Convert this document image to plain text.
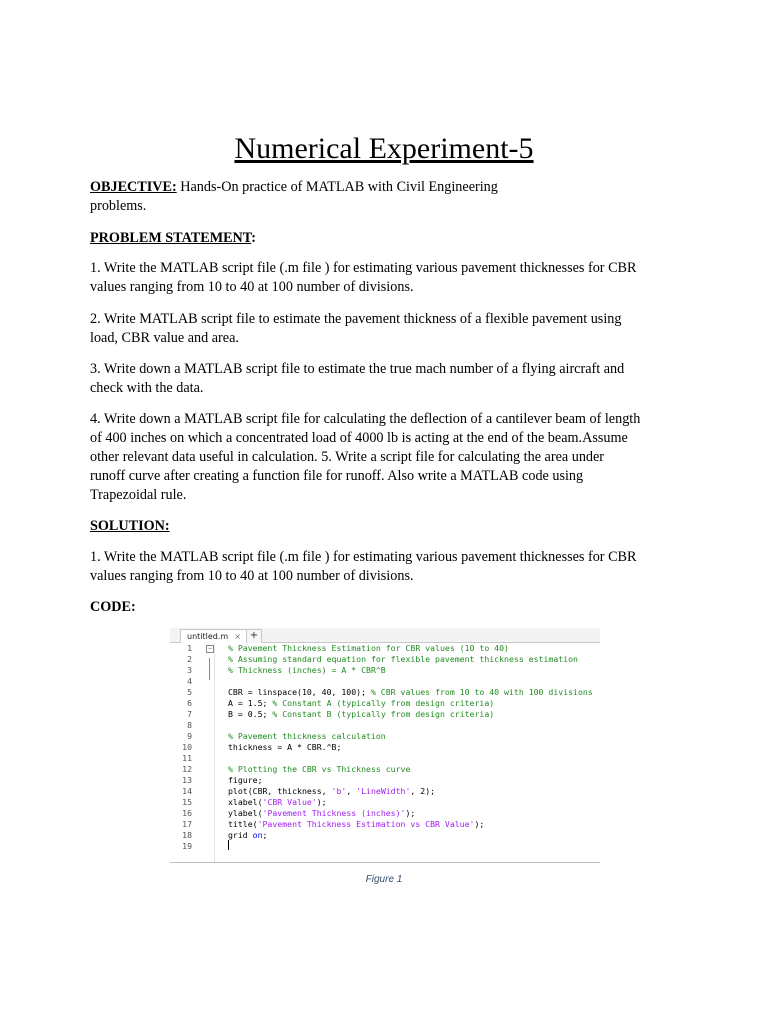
Numerical Experiment-5
OBJECTIVE: Hands-On practice of MATLAB with Civil Engineering
problems.
PROBLEM STATEMENT:
1. Write the MATLAB script file (.m file ) for estimating various pavement thicknesses for CBR
values ranging from 10 to 40 at 100 number of divisions.
2. Write MATLAB script file to estimate the pavement thickness of a flexible pavement using
load, CBR value and area.
3. Write down a MATLAB script file to estimate the true mach number of a flying aircraft and
check with the data.
4. Write down a MATLAB script file for calculating the deflection of a cantilever beam of length
of 400 inches on which a concentrated load of 4000 lb is acting at the end of the beam.Assume
other relevant data useful in calculation. 5. Write a script file for calculating the area under
runoff curve after creating a function file for runoff. Also write a MATLAB code using
Trapezoidal rule.
SOLUTION:
1. Write the MATLAB script file (.m file ) for estimating various pavement thicknesses for CBR
values ranging from 10 to 40 at 100 number of divisions.
CODE:
untitled.m × +
1	− % Pavement Thickness Estimation for CBR values (10 to 40)
2	% Assuming standard equation for flexible pavement thickness estimation
3	% Thickness (inches) = A * CBR^B
4
5	CBR = linspace(10, 40, 100); % CBR values from 10 to 40 with 100 divisions
6	A = 1.5; % Constant A (typically from design criteria)
7	B = 0.5; % Constant B (typically from design criteria)
8
9	% Pavement thickness calculation
10	thickness = A * CBR.^B;
11
12	% Plotting the CBR vs Thickness curve
13	figure;
14	plot(CBR, thickness, 'b', 'LineWidth', 2);
15	xlabel('CBR Value');
16	ylabel('Pavement Thickness (inches)');
17	title('Pavement Thickness Estimation vs CBR Value');
18	grid on;
19
Figure 1
